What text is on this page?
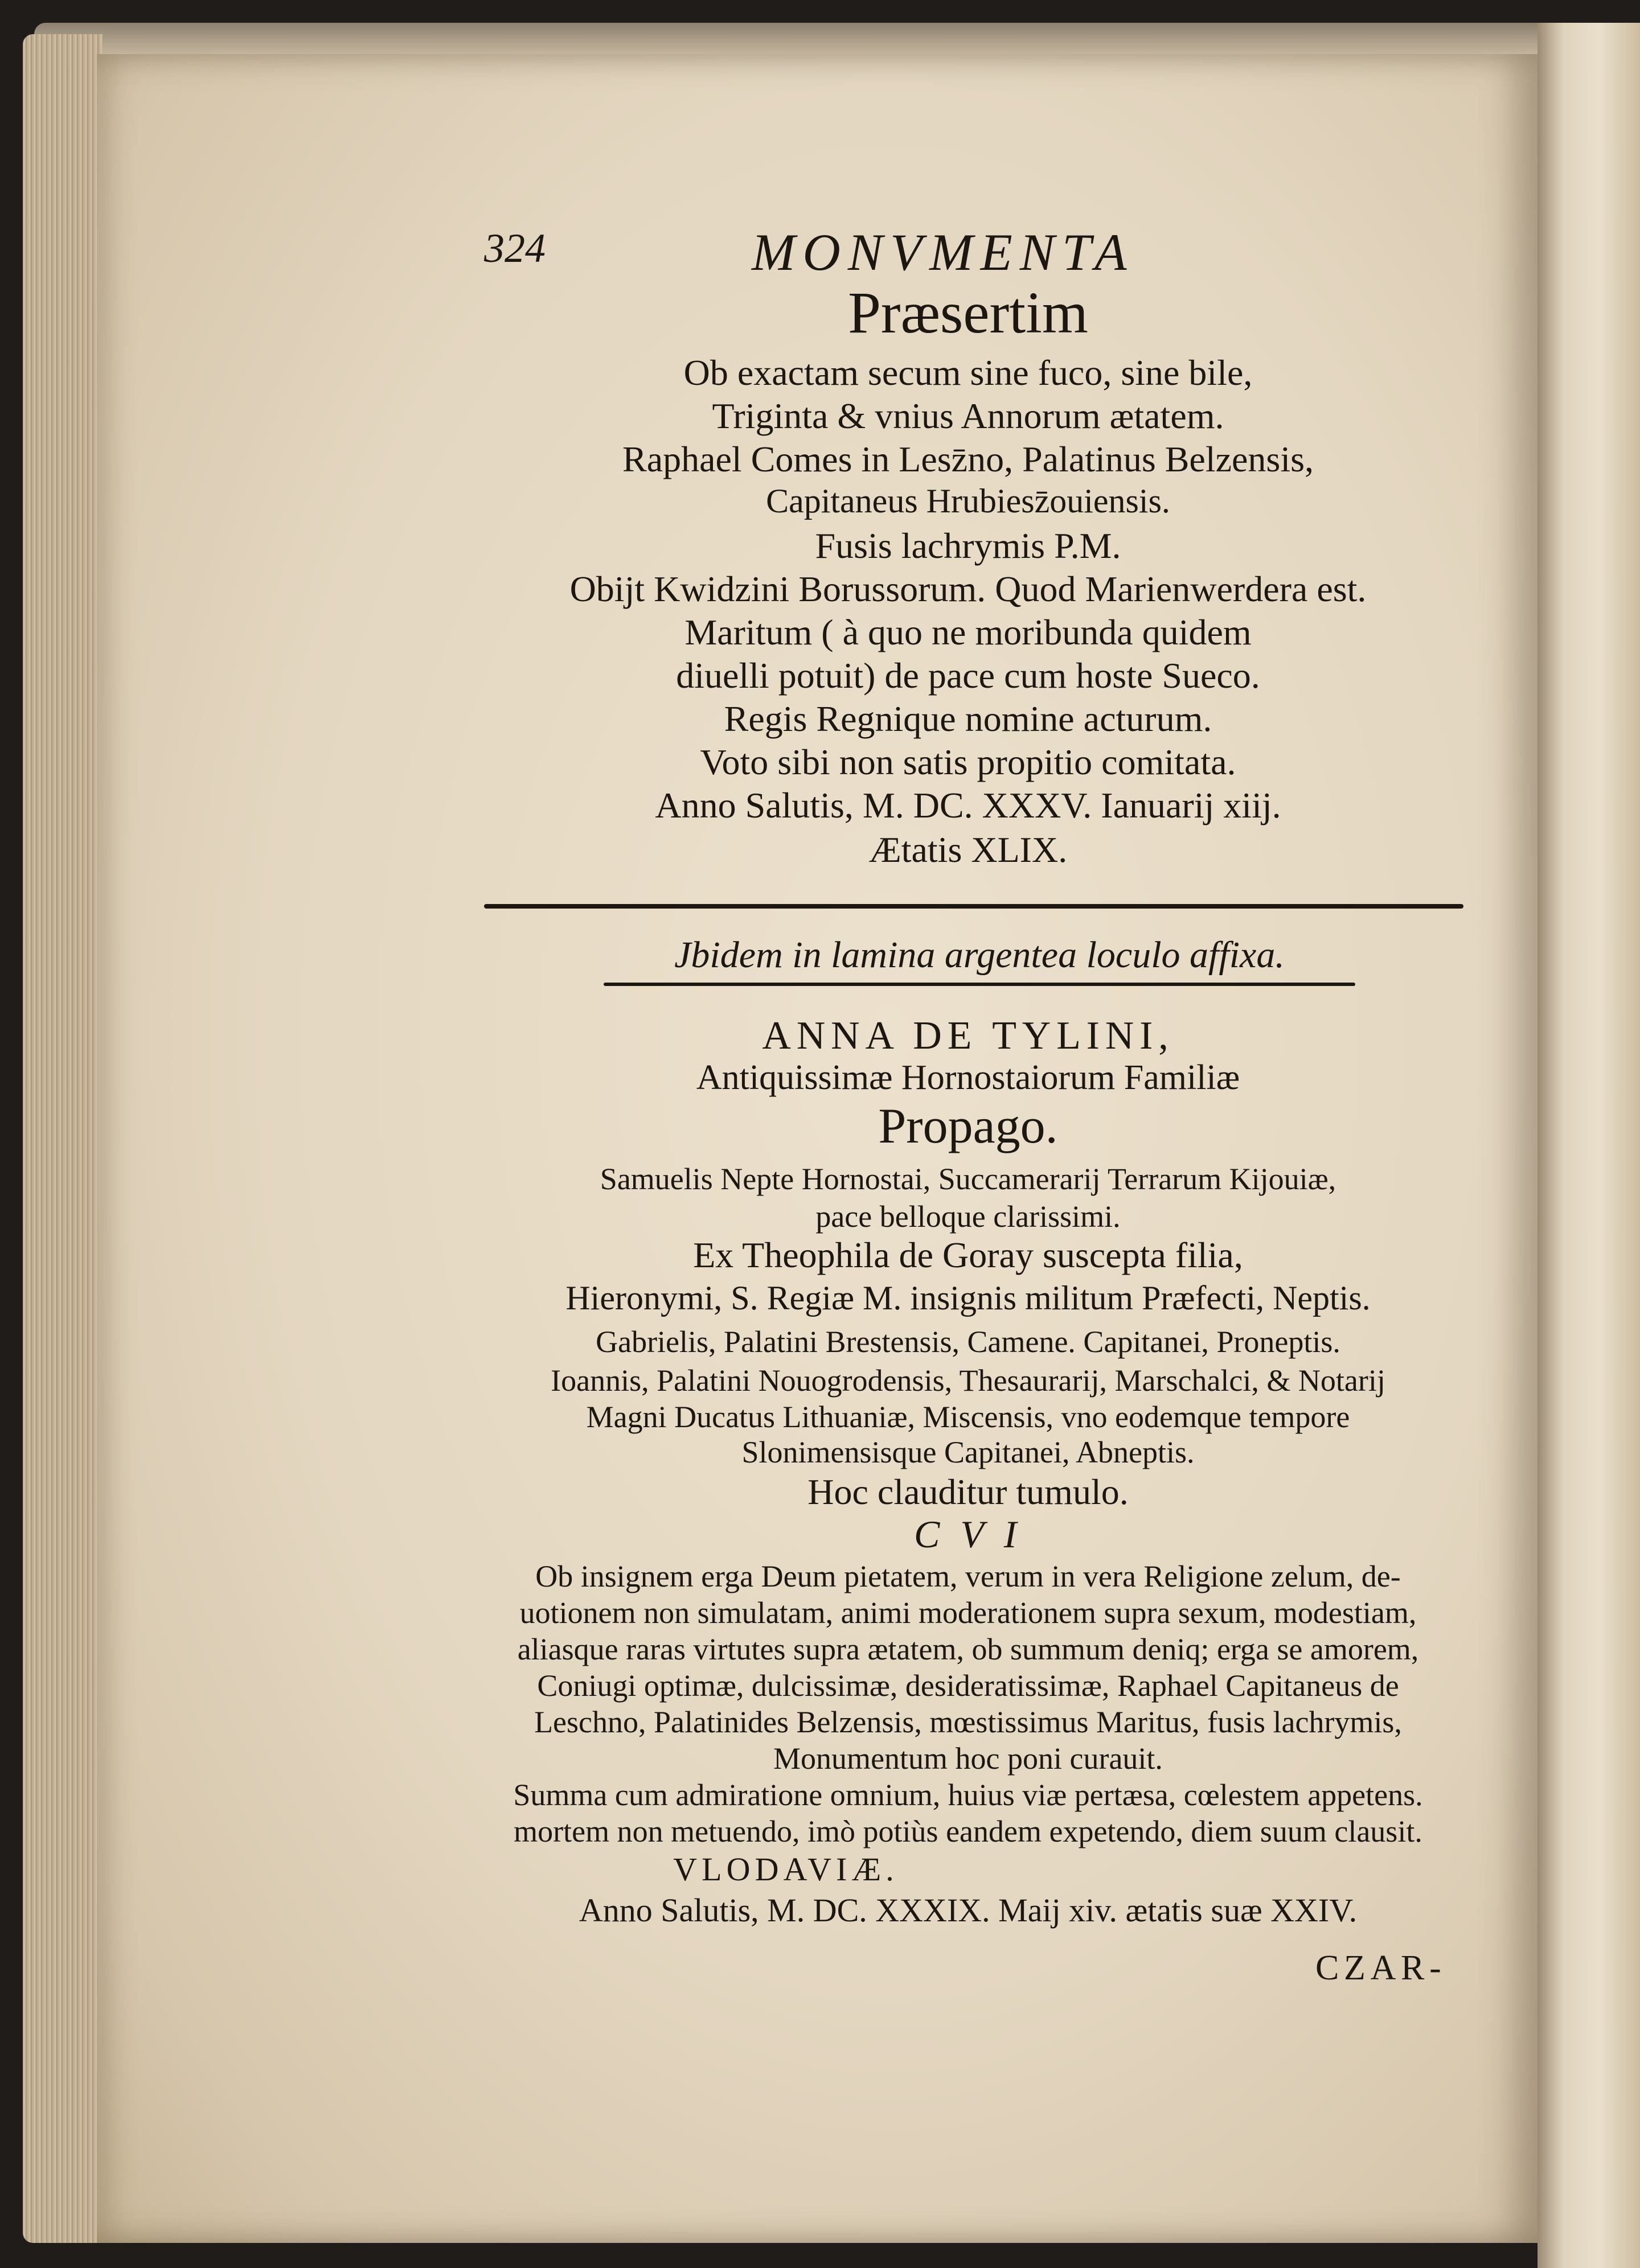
324	MONVMENTA
Præsertim
Ob exactam secum sine fuco, sine bile,
Triginta & vnius Annorum ætatem.
Raphael Comes in Lesz̄no, Palatinus Belzensis,
Capitaneus Hrubiesz̄ouiensis.
Fusis lachrymis P.M.
Obijt Kwidzini Borussorum. Quod Marienwerdera est.
Maritum ( à quo ne moribunda quidem
diuelli potuit) de pace cum hoste Sueco.
Regis Regnique nomine acturum.
Voto sibi non satis propitio comitata.
Anno Salutis, M. DC. XXXV. Ianuarij xiij.
Ætatis XLIX.
Jbidem in lamina argentea loculo affixa.
ANNA DE TYLINI,
Antiquissimæ Hornostaiorum Familiæ
Propago.
Samuelis Nepte Hornostai, Succamerarij Terrarum Kijouiæ,
pace belloque clarissimi.
Ex Theophila de Goray suscepta filia,
Hieronymi, S. Regiæ M. insignis militum Præfecti, Neptis.
Gabrielis, Palatini Brestensis, Camene. Capitanei, Proneptis.
Ioannis, Palatini Nouogrodensis, Thesaurarij, Marschalci, & Notarij
Magni Ducatus Lithuaniæ, Miscensis, vno eodemque tempore
Slonimensisque Capitanei, Abneptis.
Hoc clauditur tumulo.
C V I
Ob insignem erga Deum pietatem, verum in vera Religione zelum, de-
uotionem non simulatam, animi moderationem supra sexum, modestiam,
aliasque raras virtutes supra ætatem, ob summum deniq; erga se amorem,
Coniugi optimæ, dulcissimæ, desideratissimæ, Raphael Capitaneus de
Leschno, Palatinides Belzensis, mœstissimus Maritus, fusis lachrymis,
Monumentum hoc poni curauit.
Summa cum admiratione omnium, huius viæ pertæsa, cœlestem appetens.
mortem non metuendo, imò potiùs eandem expetendo, diem suum clausit.
VLODAVIÆ.
Anno Salutis, M. DC. XXXIX. Maij xiv. ætatis suæ XXIV.
CZAR-
